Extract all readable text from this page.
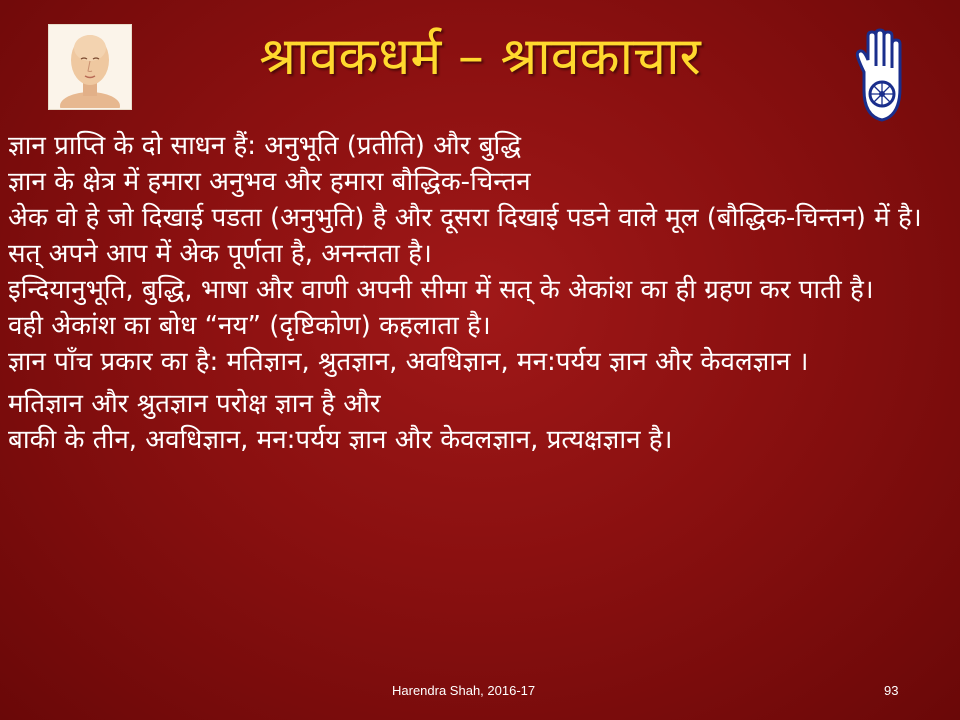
श्रावकधर्म – श्रावकाचार

ज्ञान प्राप्ति के दो साधन हैं: अनुभूति (प्रतीति) और बुद्धि

ज्ञान के क्षेत्र में हमारा अनुभव और हमारा बौद्धिक-चिन्तन

अेक वो हे जो दिखाई पडता (अनुभुति) है और दूसरा दिखाई पडने वाले मूल (बौद्धिक-चिन्तन) में है।

सत् अपने आप में अेक पूर्णता है, अनन्तता है।

इन्दियानुभूति, बुद्धि, भाषा और वाणी अपनी सीमा में सत् के अेकांश का ही ग्रहण कर पाती है।

वही अेकांश का बोध “नय” (दृष्टिकोण) कहलाता है।

ज्ञान पाँच प्रकार का है: मतिज्ञान, श्रुतज्ञान, अवधिज्ञान, मन:पर्यय ज्ञान और केवलज्ञान ।

मतिज्ञान और श्रुतज्ञान परोक्ष ज्ञान है और

बाकी के तीन, अवधिज्ञान, मन:पर्यय ज्ञान और केवलज्ञान, प्रत्यक्षज्ञान है।

Harendra Shah, 2016-17	93
